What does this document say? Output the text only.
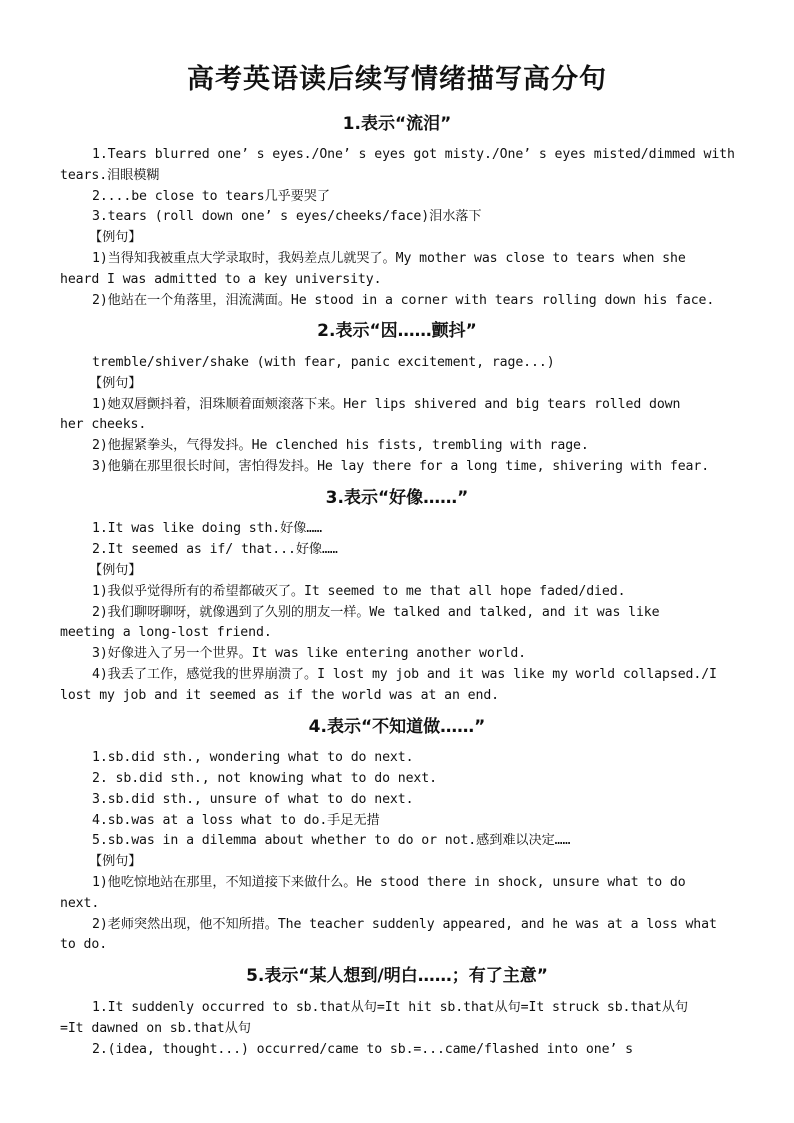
高考英语读后续写情绪描写高分句
1.表示“流泪”
1.Tears blurred one’ s eyes./One’ s eyes got misty./One’ s eyes misted/dimmed with
tears.泪眼模糊
2....be close to tears几乎要哭了
3.tears (roll down one’ s eyes/cheeks/face)泪水落下
【例句】
1)当得知我被重点大学录取时，我妈差点儿就哭了。My mother was close to tears when she
heard I was admitted to a key university.
2)他站在一个角落里，泪流满面。He stood in a corner with tears rolling down his face.
2.表示“因……颤抖”
tremble/shiver/shake (with fear, panic excitement, rage...)
【例句】
1)她双唇颤抖着，泪珠顺着面颊滚落下来。Her lips shivered and big tears rolled down
her cheeks.
2)他握紧拳头，气得发抖。He clenched his fists, trembling with rage.
3)他躺在那里很长时间，害怕得发抖。He lay there for a long time, shivering with fear.
3.表示“好像……”
1.It was like doing sth.好像……
2.It seemed as if/ that...好像……
【例句】
1)我似乎觉得所有的希望都破灭了。It seemed to me that all hope faded/died.
2)我们聊呀聊呀，就像遇到了久别的朋友一样。We talked and talked, and it was like
meeting a long-lost friend.
3)好像进入了另一个世界。It was like entering another world.
4)我丢了工作，感觉我的世界崩溃了。I lost my job and it was like my world collapsed./I
lost my job and it seemed as if the world was at an end.
4.表示“不知道做……”
1.sb.did sth., wondering what to do next.
2. sb.did sth., not knowing what to do next.
3.sb.did sth., unsure of what to do next.
4.sb.was at a loss what to do.手足无措
5.sb.was in a dilemma about whether to do or not.感到难以决定……
【例句】
1)他吃惊地站在那里，不知道接下来做什么。He stood there in shock, unsure what to do
next.
2)老师突然出现，他不知所措。The teacher suddenly appeared, and he was at a loss what
to do.
5.表示“某人想到/明白……；有了主意”
1.It suddenly occurred to sb.that从句=It hit sb.that从句=It struck sb.that从句
=It dawned on sb.that从句
2.(idea, thought...) occurred/came to sb.=...came/flashed into one’ s
